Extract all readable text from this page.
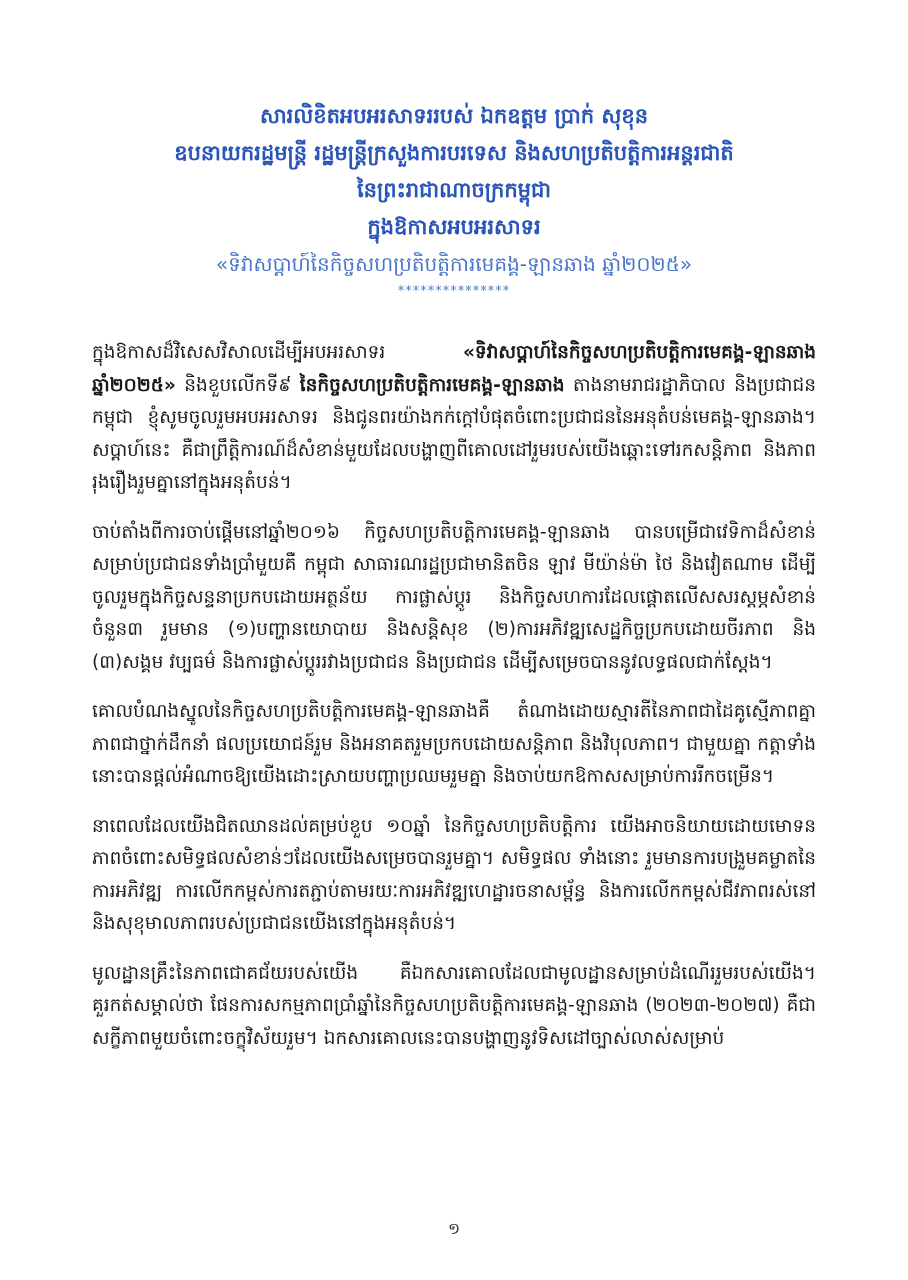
សារលិខិតអបអរសាទររបស់ ឯកឧត្តម ប្រាក់ សុខុន
ឧបនាយករដ្ឋមន្ត្រី រដ្ឋមន្ត្រីក្រសួងការបរទេស និងសហប្រតិបត្តិការអន្តរជាតិ
នៃព្រះរាជាណាចក្រកម្ពុជា
ក្នុងឱកាសអបអរសាទរ
«ទិវាសប្តាហ៍នៃកិច្ចសហប្រតិបត្តិការមេគង្គ-ឡានឆាង ឆ្នាំ២០២៥»
***************

ក្នុងឱកាសដ៏វិសេសវិសាលដើម្បីអបអរសាទរ «ទិវាសប្តាហ៍នៃកិច្ចសហប្រតិបត្តិការមេគង្គ-ឡានឆាង ឆ្នាំ២០២៥» និងខួបលើកទី៩ នៃកិច្ចសហប្រតិបត្តិការមេគង្គ-ឡានឆាង តាងនាមរាជរដ្ឋាភិបាល និងប្រជាជនកម្ពុជា ខ្ញុំសូមចូលរួមអបអរសាទរ និងជូនពរយ៉ាងកក់ក្ដៅបំផុតចំពោះប្រជាជននៃអនុតំបន់មេគង្គ-ឡានឆាង។ សប្តាហ៍នេះ គឺជាព្រឹត្តិការណ៍ដ៏សំខាន់មួយដែលបង្ហាញពីគោលដៅរួមរបស់យើងឆ្ពោះទៅរកសន្តិភាព និងភាពរុងរឿងរួមគ្នានៅក្នុងអនុតំបន់។

ចាប់តាំងពីការចាប់ផ្តើមនៅឆ្នាំ២០១៦ កិច្ចសហប្រតិបត្តិការមេគង្គ-ឡានឆាង បានបម្រើជាវេទិកាដ៏សំខាន់សម្រាប់ប្រជាជនទាំងប្រាំមួយគឺ កម្ពុជា សាធារណរដ្ឋប្រជាមានិតចិន ឡាវ មីយ៉ាន់ម៉ា ថៃ និងវៀតណាម ដើម្បីចូលរួមក្នុងកិច្ចសន្ទនាប្រកបដោយអត្ថន័យ ការផ្លាស់ប្តូរ និងកិច្ចសហការដែលផ្តោតលើសសរស្តម្ភសំខាន់ចំនួន៣ រួមមាន (១)បញ្ហានយោបាយ និងសន្តិសុខ (២)ការអភិវឌ្ឍសេដ្ឋកិច្ចប្រកបដោយចីរភាព និង (៣)សង្គម វប្បធម៌ និងការផ្លាស់ប្តូររវាងប្រជាជន និងប្រជាជន ដើម្បីសម្រេចបាននូវលទ្ធផលជាក់ស្តែង។

គោលបំណងស្នូលនៃកិច្ចសហប្រតិបត្តិការមេគង្គ-ឡានឆាងគឺ តំណាងដោយស្មារតីនៃភាពជាដៃគូស្មើភាពគ្នា ភាពជាថ្នាក់ដឹកនាំ ផលប្រយោជន៍រួម និងអនាគតរួមប្រកបដោយសន្តិភាព និងវិបុលភាព។ ជាមួយគ្នា កត្តាទាំងនោះបានផ្តល់អំណាចឱ្យយើងដោះស្រាយបញ្ហាប្រឈមរួមគ្នា និងចាប់យកឱកាសសម្រាប់ការរីកចម្រើន។

នាពេលដែលយើងជិតឈានដល់គម្រប់ខួប ១០ឆ្នាំ នៃកិច្ចសហប្រតិបត្តិការ យើងអាចនិយាយដោយមោទនភាពចំពោះសមិទ្ធផលសំខាន់ៗដែលយើងសម្រេចបានរួមគ្នា។ សមិទ្ធផល ទាំងនោះ រួមមានការបង្រួមគម្លាតនៃការអភិវឌ្ឍ ការលើកកម្ពស់ការតភ្ជាប់តាមរយៈការអភិវឌ្ឍហេដ្ឋារចនាសម្ព័ន្ធ និងការលើកកម្ពស់ជីវភាពរស់នៅ និងសុខុមាលភាពរបស់ប្រជាជនយើងនៅក្នុងអនុតំបន់។

មូលដ្ឋានគ្រឹះនៃភាពជោគជ័យរបស់យើង គឺឯកសារគោលដែលជាមូលដ្ឋានសម្រាប់ដំណើររួមរបស់យើង។ គួរកត់សម្គាល់ថា ផែនការសកម្មភាពប្រាំឆ្នាំនៃកិច្ចសហប្រតិបត្តិការមេគង្គ-ឡានឆាង (២០២៣-២០២៧) គឺជាសក្ខីភាពមួយចំពោះចក្ខុវិស័យរួម។ ឯកសារគោលនេះបានបង្ហាញនូវទិសដៅច្បាស់លាស់សម្រាប់

១
